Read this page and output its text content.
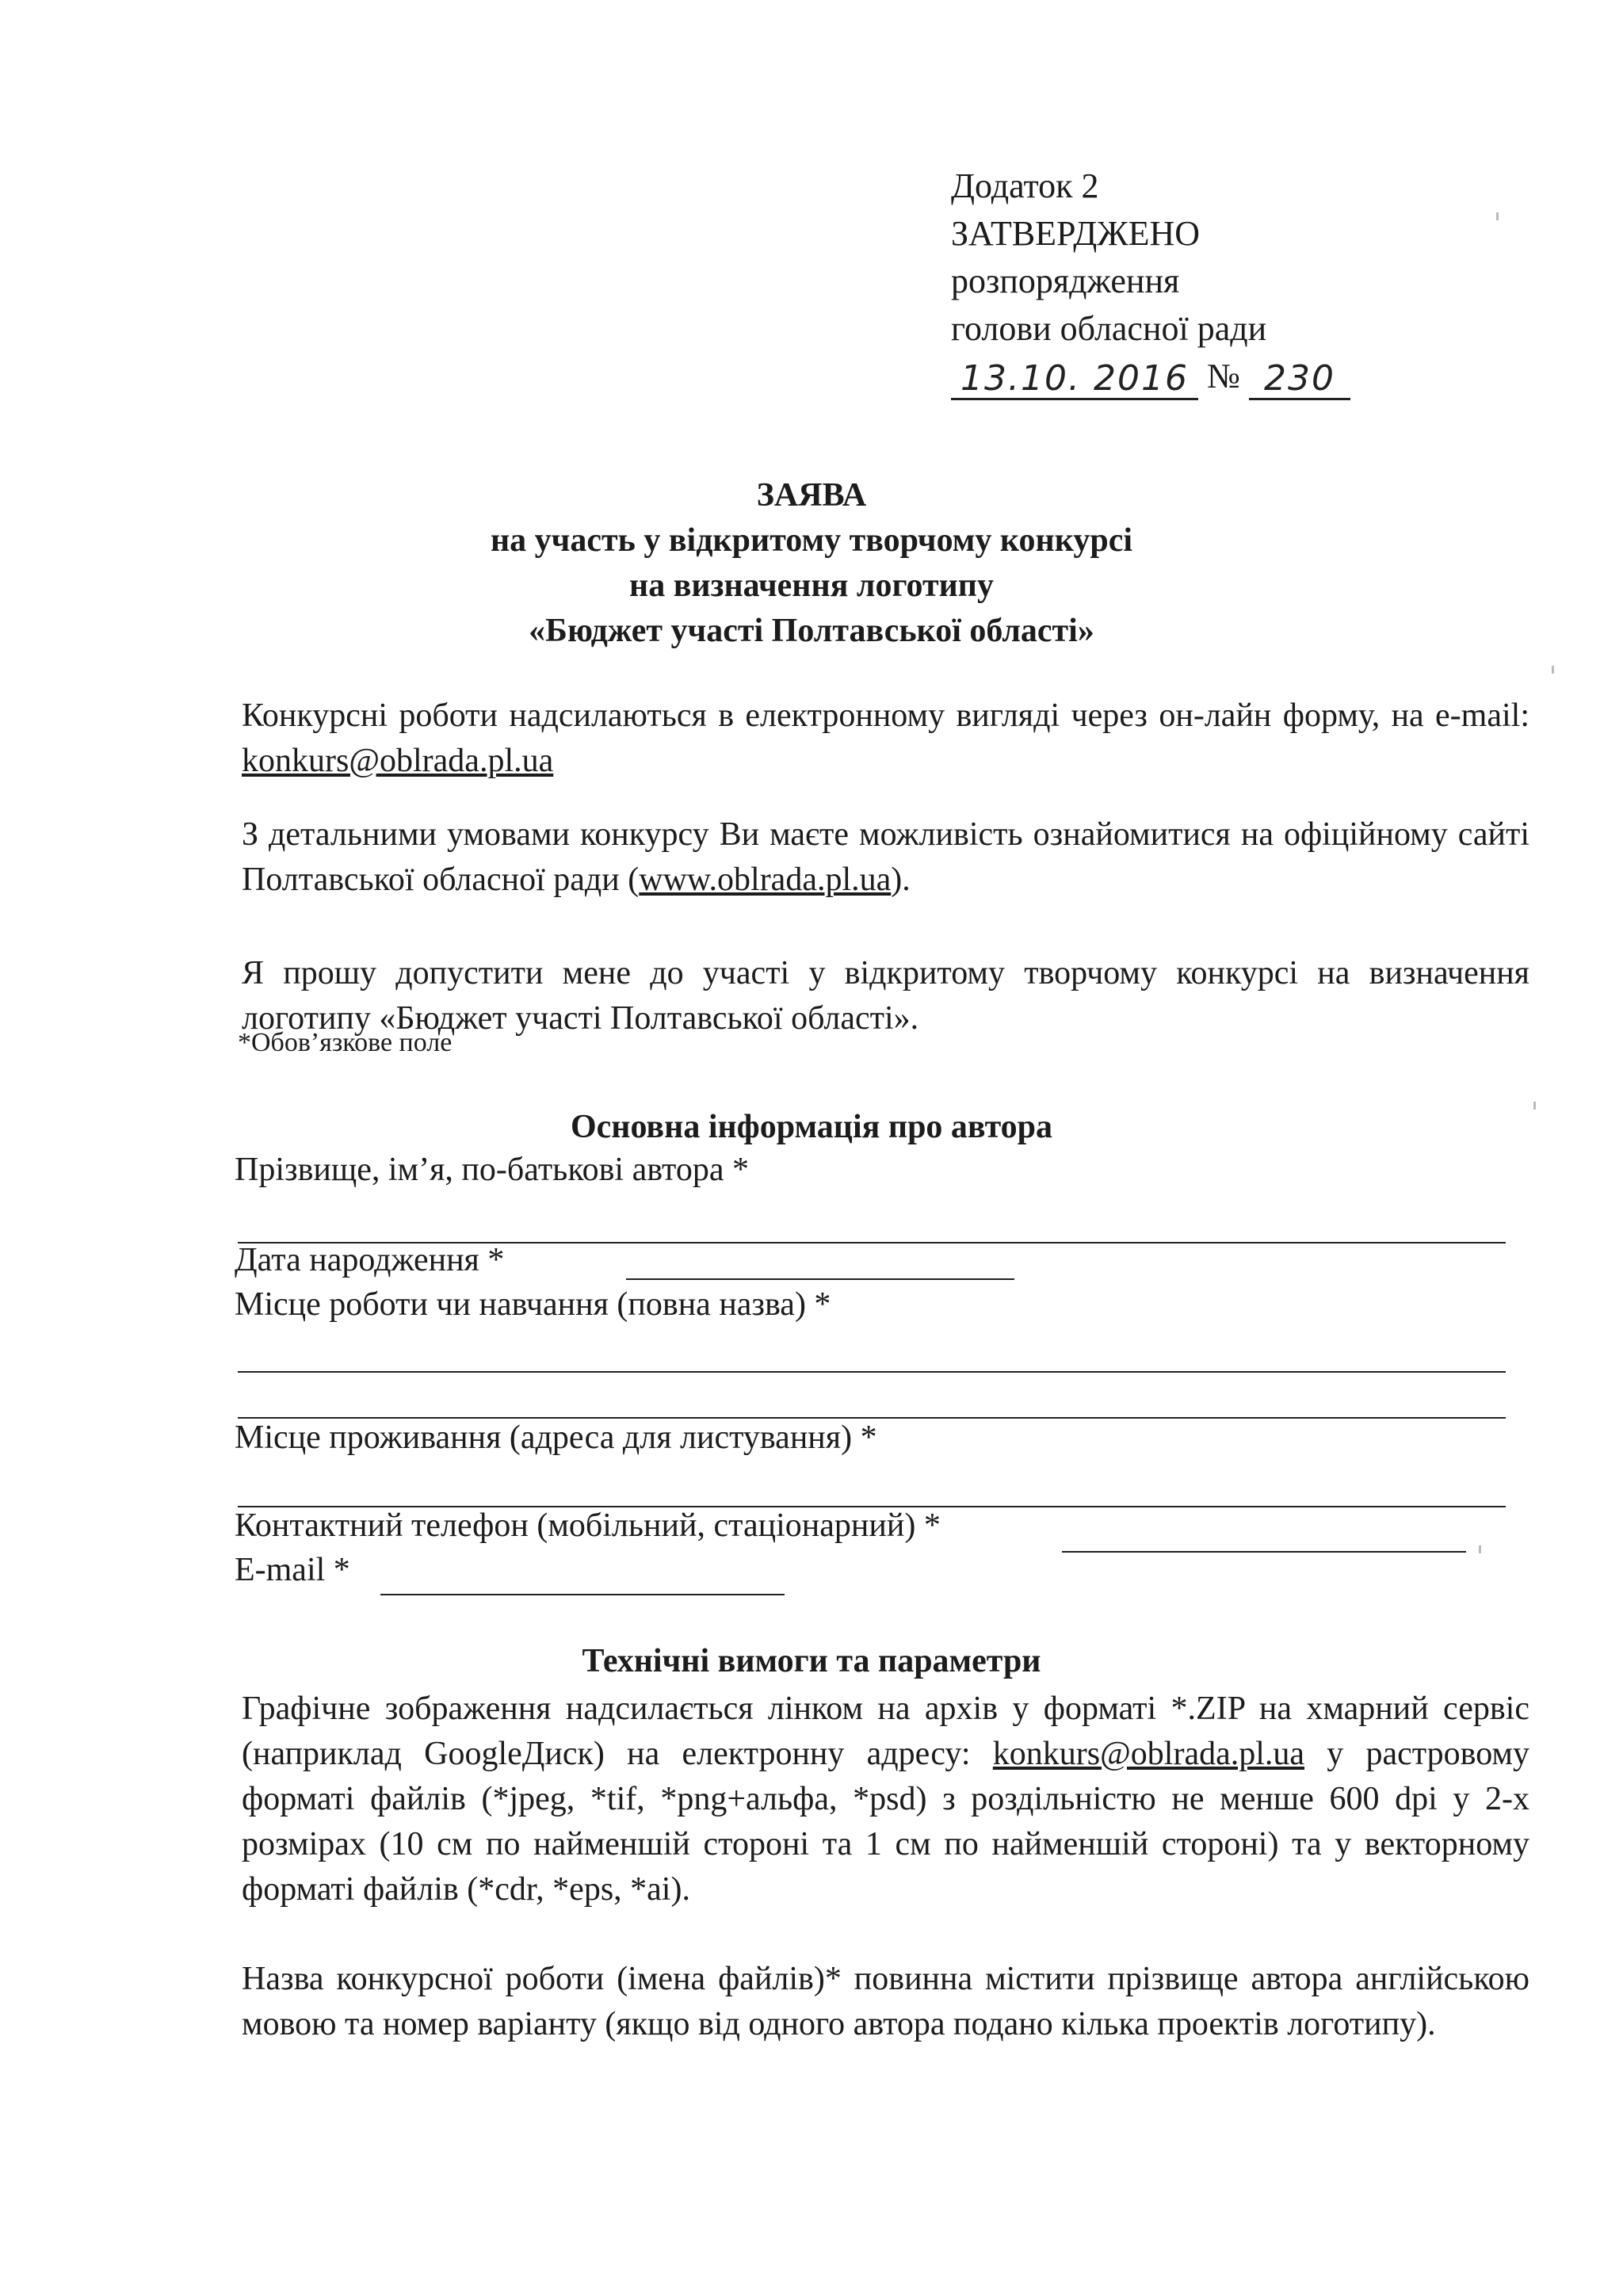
Додаток 2
ЗАТВЕРДЖЕНО
розпорядження
голови обласної ради
13.10. 2016 № 230
ЗАЯВА
на участь у відкритому творчому конкурсі
на визначення логотипу
«Бюджет участі Полтавської області»
Конкурсні роботи надсилаються в електронному вигляді через он-лайн форму, на e-mail: konkurs@oblrada.pl.ua
З детальними умовами конкурсу Ви маєте можливість ознайомитися на офіційному сайті Полтавської обласної ради (www.oblrada.pl.ua).
Я прошу допустити мене до участі у відкритому творчому конкурсі на визначення логотипу «Бюджет участі Полтавської області».
*Обов’язкове поле
Основна інформація про автора
Прізвище, ім’я, по-батькові автора *
Дата народження *
Місце роботи чи навчання (повна назва) *
Місце проживання (адреса для листування) *
Контактний телефон (мобільний, стаціонарний) *
E-mail *
Технічні вимоги та параметри
Графічне зображення надсилається лінком на архів у форматі *.ZIP на хмарний сервіс (наприклад GoogleДиск) на електронну адресу: konkurs@oblrada.pl.ua у растровому форматі файлів (*jpeg, *tif, *png+альфа, *psd) з роздільністю не менше 600 dpi у 2-х розмірах (10 см по найменшій стороні та 1 см по найменшій стороні) та у векторному форматі файлів (*cdr, *eps, *ai).
Назва конкурсної роботи (імена файлів)* повинна містити прізвище автора англійською мовою та номер варіанту (якщо від одного автора подано кілька проектів логотипу).
